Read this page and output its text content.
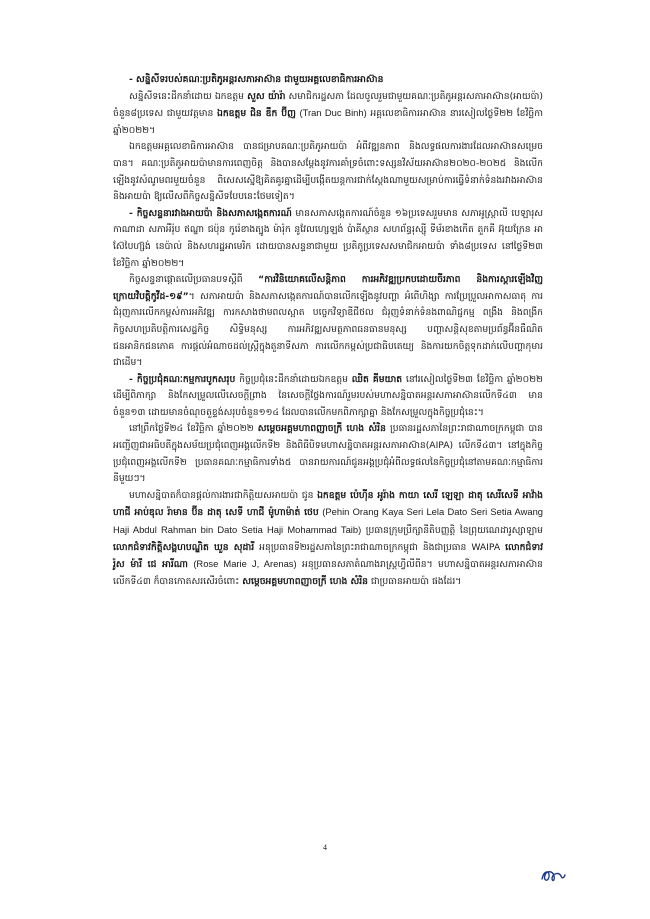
- សន្និសីទរបស់គណៈប្រតិភូអន្តរសភាអាស៊ាន ជាមួយអគ្គលេខាធិការអាស៊ាន

សន្និសីទនេះដឹកនាំដោយ ឯកឧត្តម សួស យ៉ារ៉ា សមាជិករដ្ឋសភា ដែលចូលរួមជាមួយគណៈប្រតិភូអន្តរសភាអាស៊ាន(អាយប៉ា) ចំនួន៨ប្រទេស ជាមួយវត្តមាន ឯកឧត្តម ជិន ឌឹក ប៊ីញ (Tran Duc Binh) អគ្គលេខាធិការអាស៊ាន នារសៀលថ្ងៃទី២២ ខែវិច្ឆិកា ឆ្នាំ២០២២។

ឯកឧត្តមអគ្គលេខាធិការអាស៊ាន បានជម្រាបគណៈប្រតិភូអាយប៉ា អំពីវឌ្ឍនភាព និងលទ្ធផលការងារដែលអាស៊ានសម្រេចបាន។ គណៈប្រតិភូអាយប៉ាមានការពេញចិត្ត និងបានសម្ដែងនូវការគាំទ្រចំពោះទស្សនវិស័យអាស៊ាន២០២០-២០២៥ និងលើកឡើងនូវសំណូមពរមួយចំនួន ពិសេសស្នើឱ្យគិតគូរគ្នាដើម្បីបង្កើតយន្តការជាក់ស្ដែងណាមួយសម្រាប់ការធ្វើទំនាក់ទំនងរវាងអាស៊ាន និងអាយប៉ា ឱ្យលើសពីកិច្ចសន្និសីទបែបនេះថែមទៀត។

- កិច្ចសន្ទនារវាងអាយប៉ា និងសភាសង្កេតការណ៍ មានសភាសង្កេតការណ៍ចំនួន ១៦ប្រទេសរួមមាន សភាអូស្ត្រាលី បេឡារុស កាណាដា សភាអឺរ៉ុប ឥណ្ឌា ជប៉ុន កូរ៉េខាងត្បូង ម៉ារ៉ុក នូវែលហ្សេឡង់ ប៉ាគីស្ថាន សហព័ន្ធរុស្ស៊ី ទីម័រខាងកើត តួកគី អ៊ុយក្រែន អាស៊ែបៃហ្ស៊ង់ នេប៉ាល់ និងសហរដ្ឋអាមេរិក ដោយបានសន្ទនាជាមួយ ប្រតិភូប្រទេសសមាជិកអាយប៉ា ទាំង៨ប្រទេស នៅថ្ងៃទី២៣ ខែវិច្ឆិកា ឆ្នាំ២០២២។

កិច្ចសន្ទនាផ្ដោតលើប្រធានបទស្ដីពី “ការវិនិយោគលើសន្តិភាព ការអភិវឌ្ឍប្រកបដោយចីរភាព និងការស្ដារឡើងវិញក្រោយវិបត្តិកូវីដ-១៩”។ សភាអាយប៉ា និងសភាសង្កេតការណ៍បានលើកឡើងនូវបញ្ហា អំពើហិង្សា ការប្រែប្រួលអាកាសធាតុ ការជំរុញការលើកកម្ពស់ការអភិវឌ្ឍ ការកសាងថាមពលស្អាត បច្ចេកវិទ្យាឌីជីថល ជំរុញទំនាក់ទំនងពាណិជ្ជកម្ម ពង្រឹង និងពង្រីកកិច្ចសហប្រតិបត្តិការសេដ្ឋកិច្ច សិទ្ធិមនុស្ស ការអភិវឌ្ឍសមត្ថភាពធនធានមនុស្ស បញ្ហាសន្តិសុខតាមប្រព័ន្ធអ៊ីនធឺណិត ជនអានិកជនភោគ ការផ្ដល់អំណាចដល់ស្ត្រីក្នុងតួនាទីសភា ការលើកកម្ពស់ប្រជាធិបតេយ្យ និងការយកចិត្តទុកដាក់លើបញ្ហាកុមារជាដើម។

- កិច្ចប្រជុំគណៈកម្មការបូកសរុប កិច្ចប្រជុំនេះដឹកនាំដោយឯកឧត្តម ឈិត គីមយាត នៅរសៀលថ្ងៃទី២៣ ខែវិច្ឆិកា ឆ្នាំ២០២២ ដើម្បីពិភាក្សា និងកែសម្រួលលើសេចក្ដីព្រាង នៃសេចក្ដីថ្លែងការណ៍រួមរបស់មហាសន្និបាតអន្តរសភាអាស៊ានលើកទី៤៣ មានចំនួន១៣ ដោយមានចំណុចតួខ្ទង់សរុបចំនួន១១៤ ដែលបានលើកមកពិភាក្សាគ្នា និងកែសម្រួលក្នុងកិច្ចប្រជុំនេះ។

នៅព្រឹកថ្ងៃទី២៤ ខែវិច្ឆិកា ឆ្នាំ២០២២ សម្ដេចអគ្គមហាពញាចក្រី ហេង សំរិន ប្រធានរដ្ឋសភានៃព្រះរាជាណាចក្រកម្ពុជា បានអញ្ជើញជាអធិបតីក្នុងសម័យប្រជុំពេញអង្គលើកទី២ និងពិធីបិទមហាសន្និបាតអន្តរសភាអាស៊ាន(AIPA) លើកទី៤៣។ នៅក្នុងកិច្ចប្រជុំពេញអង្គលើកទី២ ប្រធានគណៈកម្មាធិការទាំង៥ បានរាយការណ៍ជូនអង្គប្រជុំអំពីលទ្ធផលនៃកិច្ចប្រជុំនៅតាមគណៈកម្មាធិការនីមួយៗ។

មហាសន្និបាតក៏បានផ្ដល់ការងារជាកិត្តិយសអាយប៉ា ជូន ឯកឧត្តម ប៉េហ៊ីន អូរ៉ាង កាយា សេរី ឡេឡា ដាតុ សេរីសេទី អាវ៉ាង ហាជី អាប់ឌុល រ៉ាមាន ប៊ីន ដាតុ សេទី ហាជី ម៉ូហាម៉ាត់ ថេប (Pehin Orang Kaya Seri Lela Dato Seri Setia Awang Haji Abdul Rahman bin Dato Setia Haji Mohammad Taib) ប្រធានក្រុមប្រឹក្សានីតិបញ្ញត្តិ នៃព្រុយណេដារូស្សាឡាម លោកជំទាវកិត្តិសង្គហបណ្ឌិត ឃួន សុដារី អនុប្រធានទី២រដ្ឋសភានៃព្រះរាជាណាចក្រកម្ពុជា និងជាប្រធាន WAIPA លោកជំទាវ រ៉ូស ម៉ារី ជេ អារីណា (Rose Marie J, Arenas) អនុប្រធានសភាតំណាងរាស្ត្រហ្វីលីពីន។ មហាសន្និបាតអន្តរសភាអាស៊ានលើកទី៤៣ ក៏បានកោតសរសើរចំពោះ សម្ដេចអគ្គមហាពញាចក្រី ហេង សំរិន ជាប្រធានអាយប៉ា ផងដែរ។

4
